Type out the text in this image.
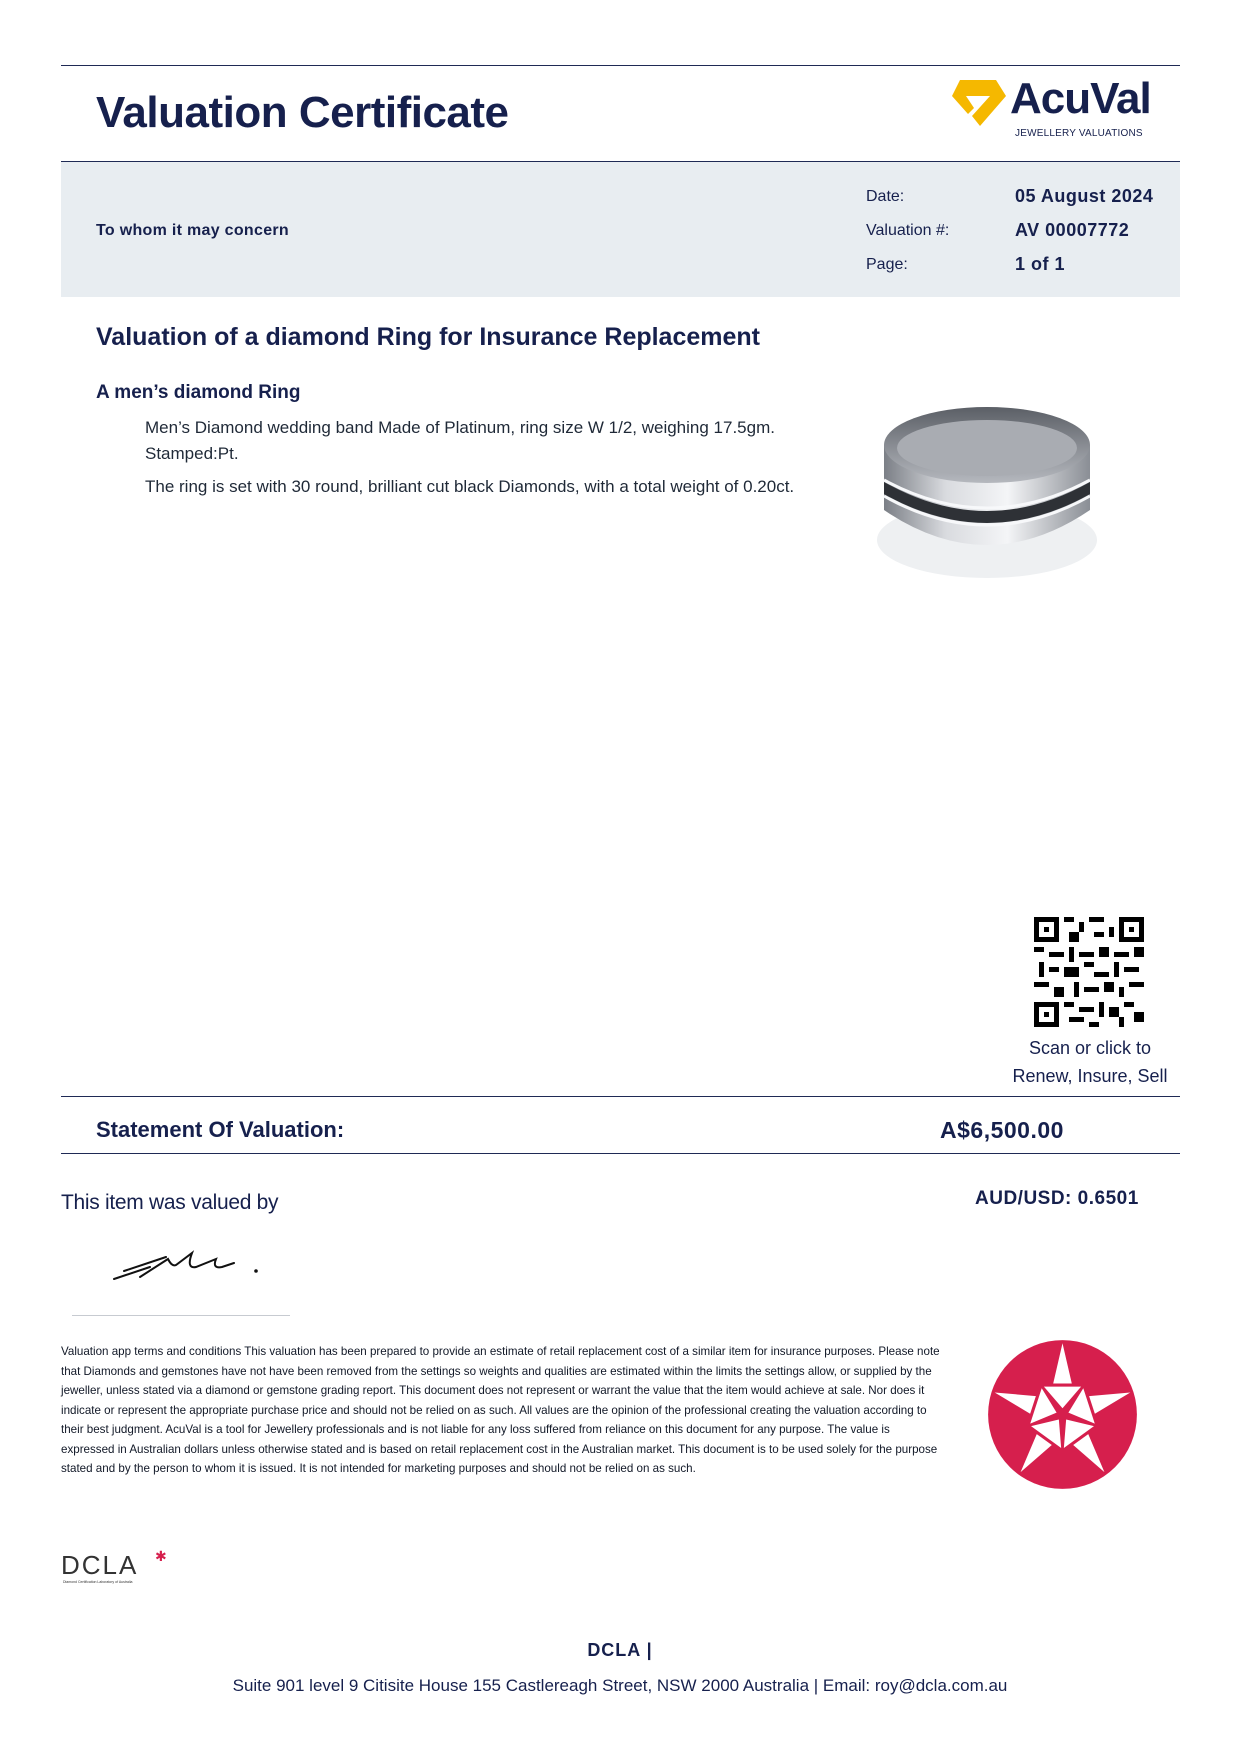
Valuation Certificate	AcuVal
JEWELLERY VALUATIONS
To whom it may concern
Date:	05 August 2024
Valuation #:	AV 00007772
Page:	1 of 1
Valuation of a diamond Ring for Insurance Replacement
A men’s diamond Ring
Men’s Diamond wedding band Made of Platinum, ring size W 1/2, weighing 17.5gm. Stamped:Pt.
The ring is set with 30 round, brilliant cut black Diamonds, with a total weight of 0.20ct.
Scan or click to
Renew, Insure, Sell
Statement Of Valuation:	A$6,500.00
This item was valued by	AUD/USD: 0.6501
Valuation app terms and conditions This valuation has been prepared to provide an estimate of retail replacement cost of a similar item for insurance purposes. Please note that Diamonds and gemstones have not have been removed from the settings so weights and qualities are estimated within the limits the settings allow, or supplied by the jeweller, unless stated via a diamond or gemstone grading report. This document does not represent or warrant the value that the item would achieve at sale. Nor does it indicate or represent the appropriate purchase price and should not be relied on as such. All values are the opinion of the professional creating the valuation according to their best judgment. AcuVal is a tool for Jewellery professionals and is not liable for any loss suffered from reliance on this document for any purpose. The value is expressed in Australian dollars unless otherwise stated and is based on retail replacement cost in the Australian market. This document is to be used solely for the purpose stated and by the person to whom it is issued. It is not intended for marketing purposes and should not be relied on as such.
DCLA ✱
Diamond Certification Laboratory of Australia
DCLA |
Suite 901 level 9 Citisite House 155 Castlereagh Street, NSW 2000 Australia | Email: roy@dcla.com.au
